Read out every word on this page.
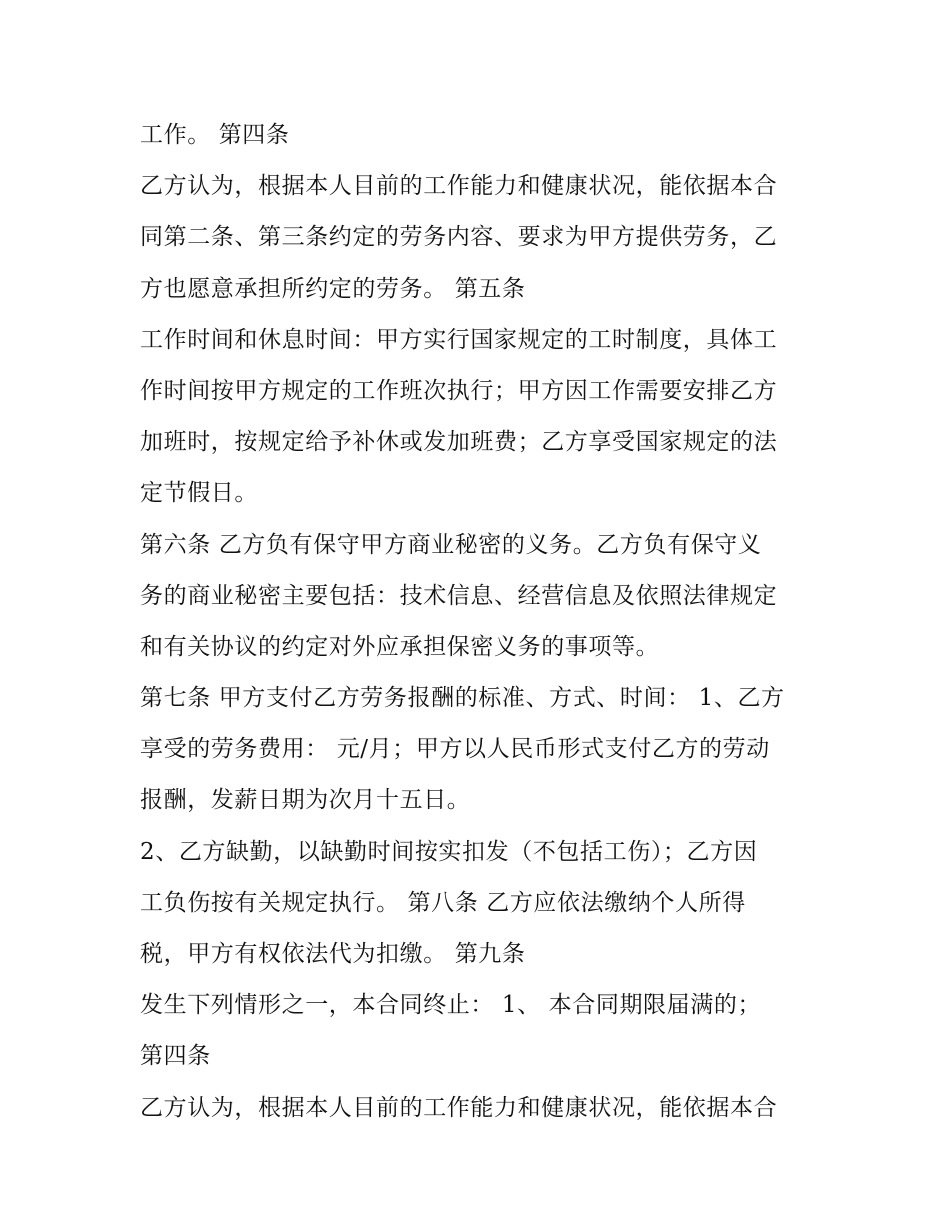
工作。 第四条
乙方认为，根据本人目前的工作能力和健康状况，能依据本合
同第二条、第三条约定的劳务内容、要求为甲方提供劳务，乙
方也愿意承担所约定的劳务。 第五条
工作时间和休息时间：甲方实行国家规定的工时制度，具体工
作时间按甲方规定的工作班次执行；甲方因工作需要安排乙方
加班时，按规定给予补休或发加班费；乙方享受国家规定的法
定节假日。
第六条 乙方负有保守甲方商业秘密的义务。乙方负有保守义
务的商业秘密主要包括：技术信息、经营信息及依照法律规定
和有关协议的约定对外应承担保密义务的事项等。
第七条 甲方支付乙方劳务报酬的标准、方式、时间： 1、乙方
享受的劳务费用： 元/月；甲方以人民币形式支付乙方的劳动
报酬，发薪日期为次月十五日。
2、乙方缺勤，以缺勤时间按实扣发（不包括工伤）；乙方因
工负伤按有关规定执行。 第八条 乙方应依法缴纳个人所得
税，甲方有权依法代为扣缴。 第九条
发生下列情形之一，本合同终止： 1、 本合同期限届满的；
第四条
乙方认为，根据本人目前的工作能力和健康状况，能依据本合
